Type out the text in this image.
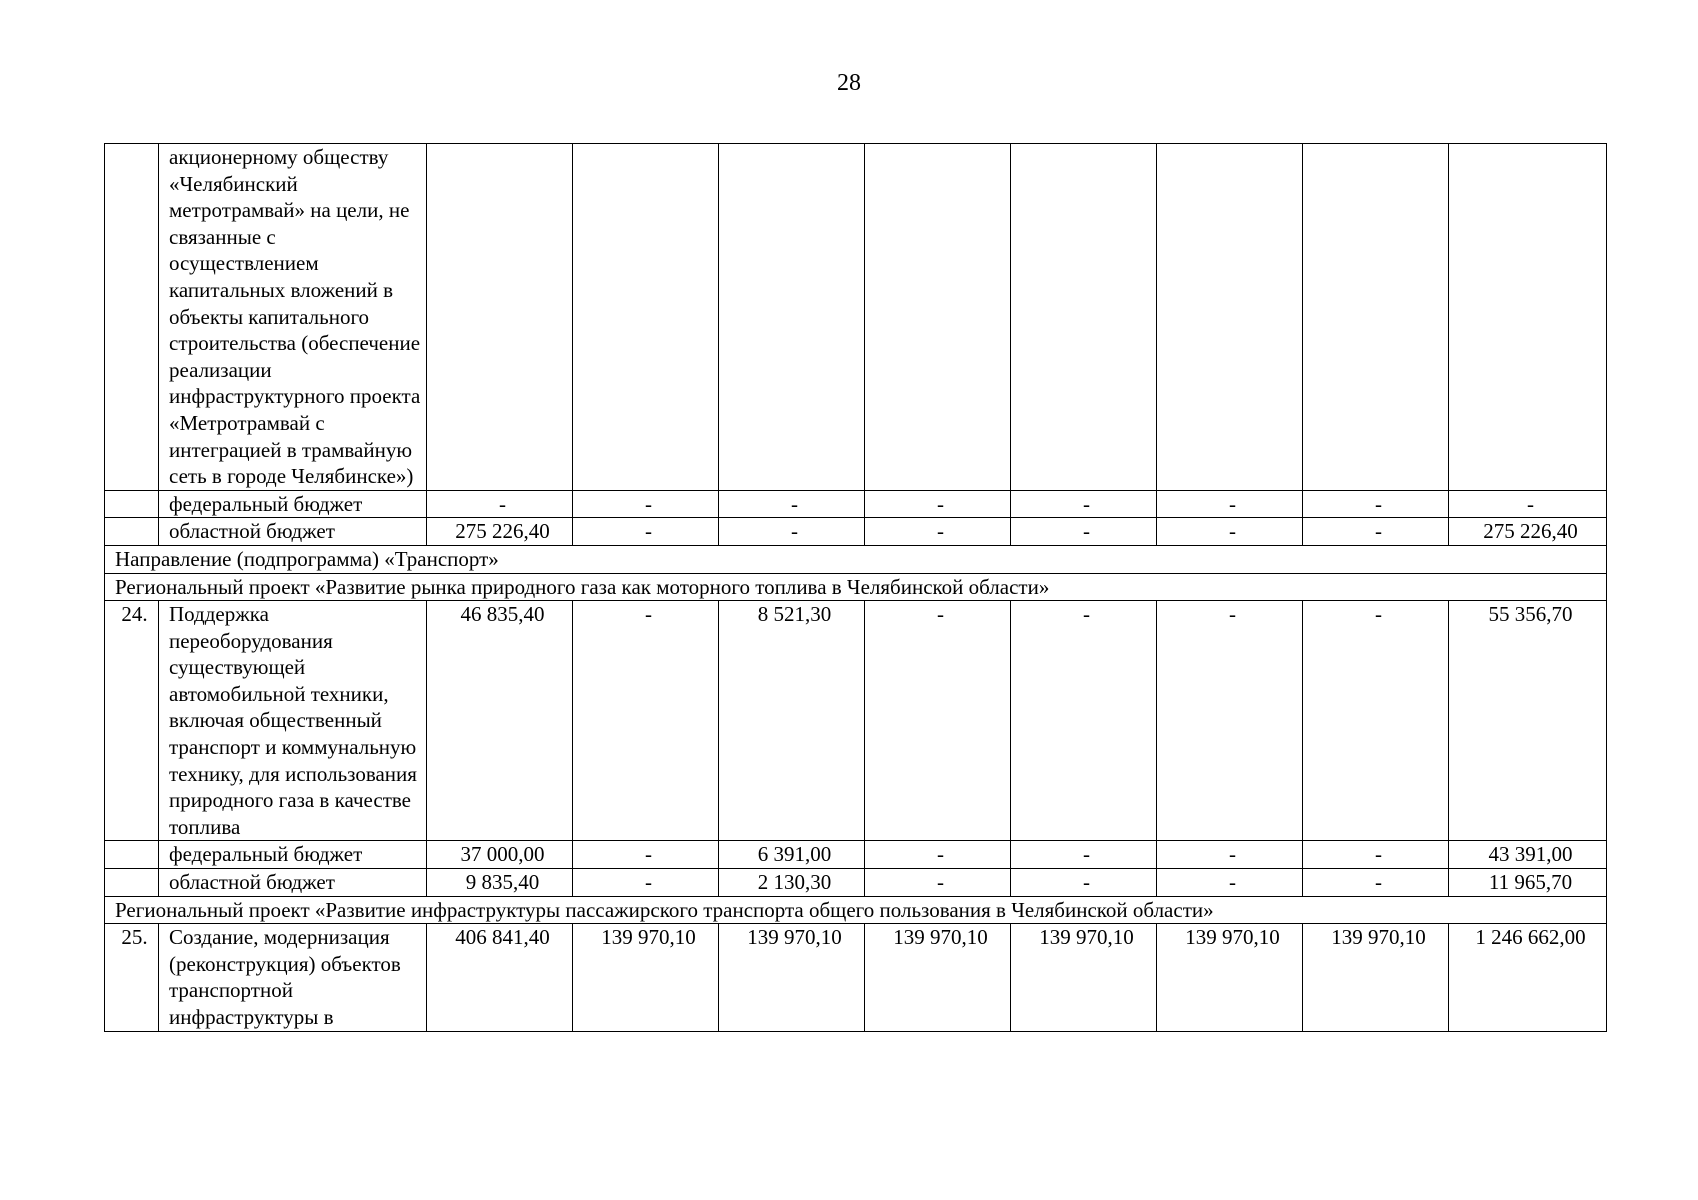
28
	акционерному обществу «Челябинский метротрамвай» на цели, не связанные с осуществлением капитальных вложений в объекты капитального строительства (обеспечение реализации инфраструктурного проекта «Метротрамвай с интеграцией в трамвайную сеть в городе Челябинске»)								
	федеральный бюджет	-	-	-	-	-	-	-	-
	областной бюджет	275 226,40	-	-	-	-	-	-	275 226,40
Направление (подпрограмма) «Транспорт»									
Региональный проект «Развитие рынка природного газа как моторного топлива в Челябинской области»									
24.	Поддержка переоборудования существующей автомобильной техники, включая общественный транспорт и коммунальную технику, для использования природного газа в качестве топлива	46 835,40	-	8 521,30	-	-	-	-	55 356,70
	федеральный бюджет	37 000,00	-	6 391,00	-	-	-	-	43 391,00
	областной бюджет	9 835,40	-	2 130,30	-	-	-	-	11 965,70
Региональный проект «Развитие инфраструктуры пассажирского транспорта общего пользования в Челябинской области»									
25.	Создание, модернизация (реконструкция) объектов транспортной инфраструктуры в	406 841,40	139 970,10	139 970,10	139 970,10	139 970,10	139 970,10	139 970,10	1 246 662,00
